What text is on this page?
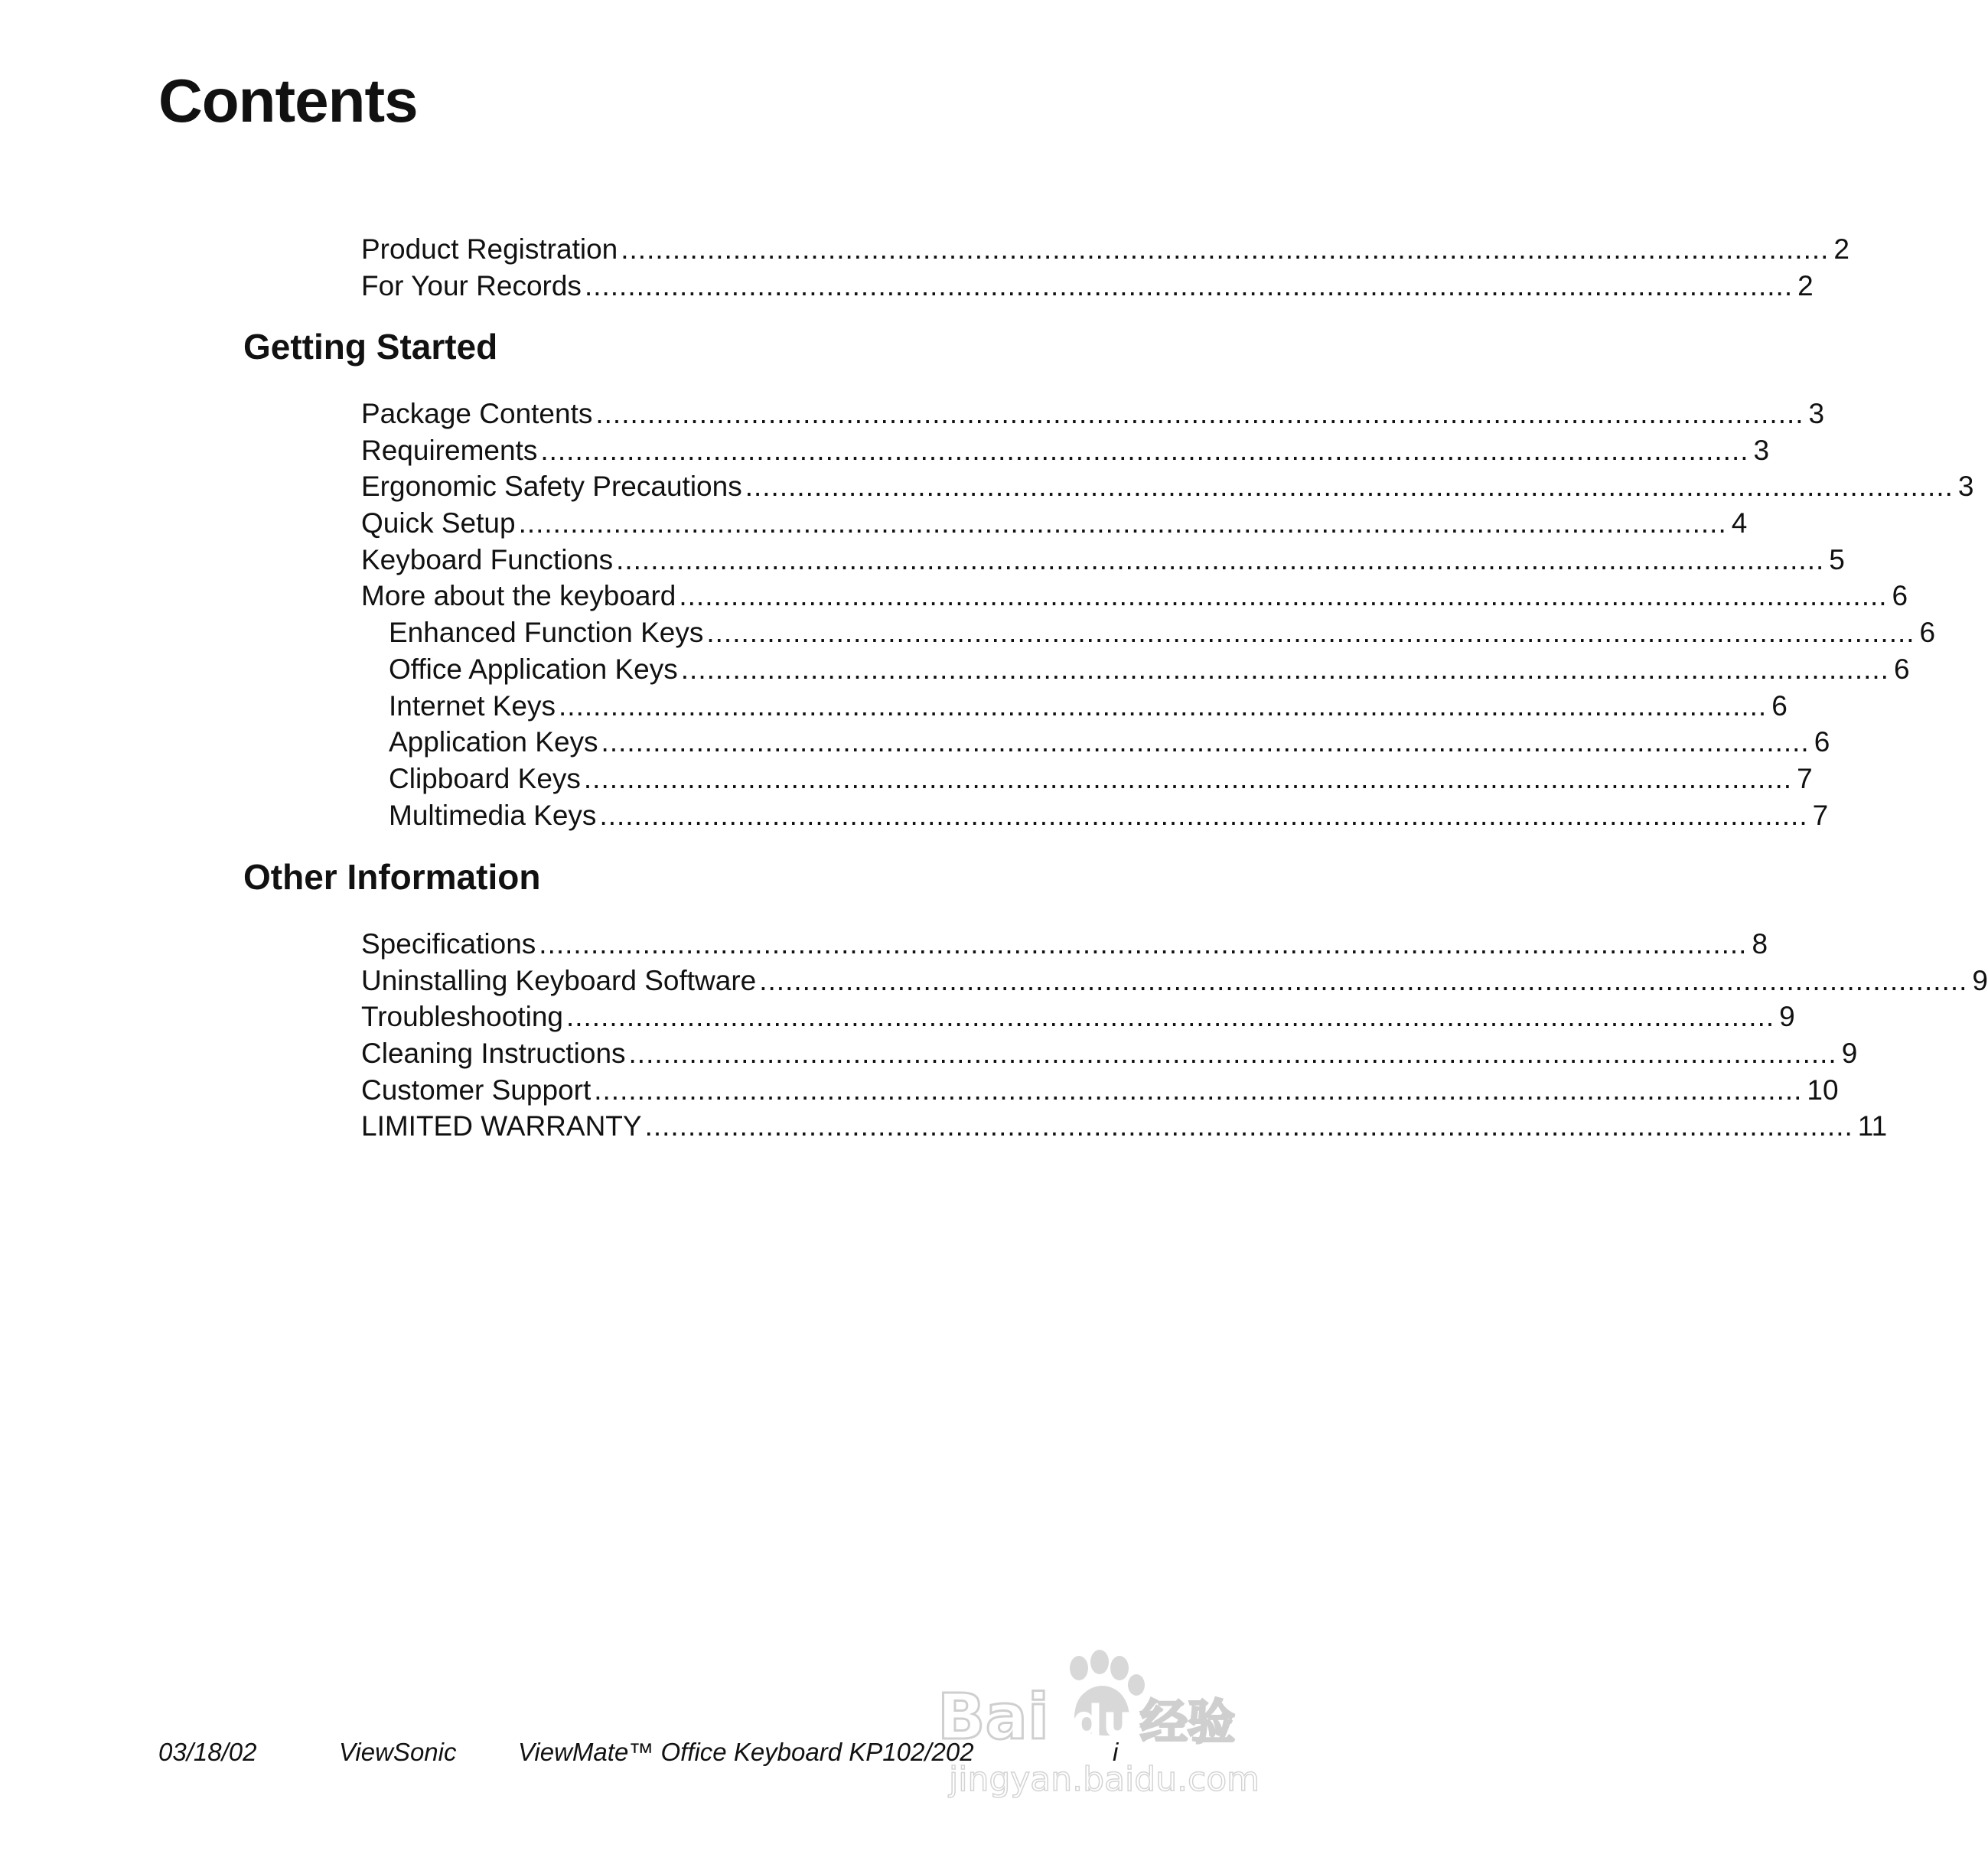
Contents
Product Registration ............................................................................................................................................ 2
For Your Records ............................................................................................................................................ 2
Getting Started
Package Contents ............................................................................................................................................ 3
Requirements ............................................................................................................................................ 3
Ergonomic Safety Precautions ............................................................................................................................................ 3
Quick Setup ............................................................................................................................................ 4
Keyboard Functions ............................................................................................................................................ 5
More about the keyboard ............................................................................................................................................ 6
Enhanced Function Keys ............................................................................................................................................ 6
Office Application Keys ............................................................................................................................................ 6
Internet Keys ............................................................................................................................................ 6
Application Keys ............................................................................................................................................ 6
Clipboard Keys ............................................................................................................................................ 7
Multimedia Keys ............................................................................................................................................ 7
Other Information
Specifications ............................................................................................................................................ 8
Uninstalling Keyboard Software ............................................................................................................................................ 9
Troubleshooting ............................................................................................................................................ 9
Cleaning Instructions ............................................................................................................................................ 9
Customer Support ............................................................................................................................................ 10
LIMITED WARRANTY ............................................................................................................................................ 11
03/18/02	ViewSonic ViewMate™ Office Keyboard KP102/202	i
Bai du 经验
jingyan.baidu.com
